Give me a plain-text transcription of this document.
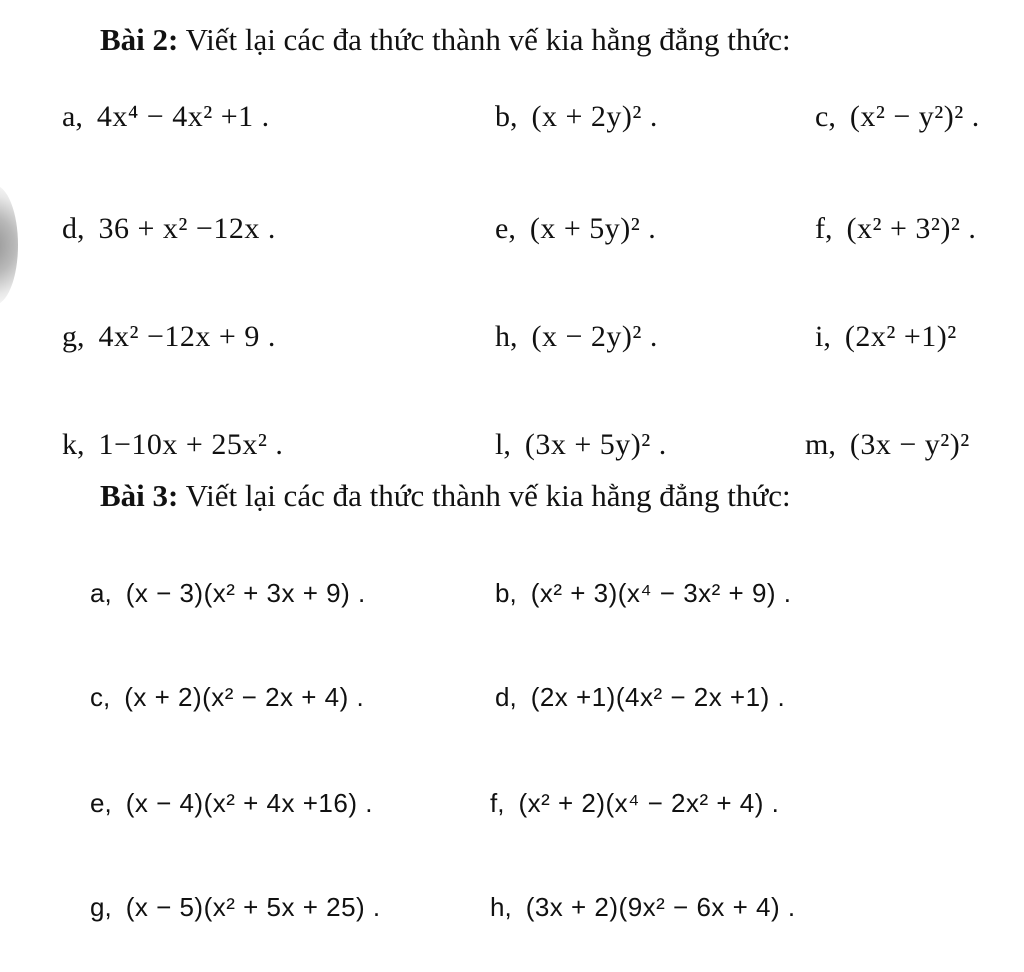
Bài 2: Viết lại các đa thức thành vế kia hằng đẳng thức:
a, 4x⁴ − 4x² +1 .	b, (x + 2y)² .	c, (x² − y²)² .
d, 36 + x² −12x .	e, (x + 5y)² .	f, (x² + 3²)² .
g, 4x² −12x + 9 .	h, (x − 2y)² .	i, (2x² +1)²
k, 1−10x + 25x² .	l, (3x + 5y)² .	m, (3x − y²)²
Bài 3: Viết lại các đa thức thành vế kia hằng đẳng thức:
a, (x − 3)(x² + 3x + 9) .	b, (x² + 3)(x⁴ − 3x² + 9) .
c, (x + 2)(x² − 2x + 4) .	d, (2x +1)(4x² − 2x +1) .
e, (x − 4)(x² + 4x +16) .	f, (x² + 2)(x⁴ − 2x² + 4) .
g, (x − 5)(x² + 5x + 25) .	h, (3x + 2)(9x² − 6x + 4) .
